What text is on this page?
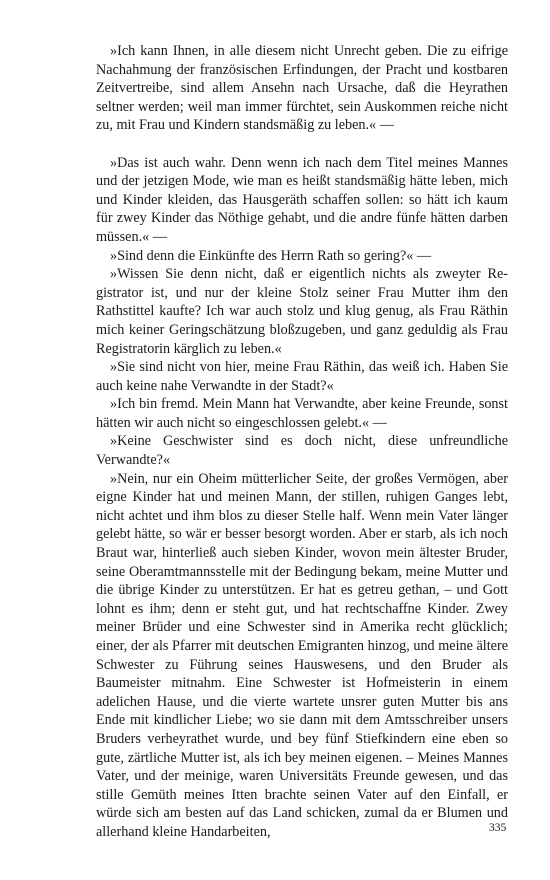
»Ich kann Ihnen, in alle diesem nicht Unrecht geben. Die zu eifrige Nachahmung der französischen Erfindungen, der Pracht und kostbaren Zeitvertreibe, sind allem Ansehn nach Ursache, daß die Heyrathen seltner werden; weil man immer fürchtet, sein Auskommen reiche nicht zu, mit Frau und Kindern standsmäßig zu leben.« ‒‒

»Das ist auch wahr. Denn wenn ich nach dem Titel meines Mannes und der jetzigen Mode, wie man es heißt standsmäßig hätte leben, mich und Kinder kleiden, das Hausgeräth schaffen sollen: so hätt ich kaum für zwey Kinder das Nöthige gehabt, und die andre fünfe hätten darben müssen.« ‒‒

»Sind denn die Einkünfte des Herrn Rath so gering?« ‒‒

»Wissen Sie denn nicht, daß er eigentlich nichts als zweyter Registrator ist, und nur der kleine Stolz seiner Frau Mutter ihm den Rathstittel kaufte? Ich war auch stolz und klug genug, als Frau Räthin mich keiner Geringschätzung bloßzugeben, und ganz geduldig als Frau Registratorin kärglich zu leben.«

»Sie sind nicht von hier, meine Frau Räthin, das weiß ich. Haben Sie auch keine nahe Verwandte in der Stadt?«

»Ich bin fremd. Mein Mann hat Verwandte, aber keine Freunde, sonst hätten wir auch nicht so eingeschlossen gelebt.« ‒‒

»Keine Geschwister sind es doch nicht, diese unfreundliche Verwandte?«

»Nein, nur ein Oheim mütterlicher Seite, der großes Vermögen, aber eigne Kinder hat und meinen Mann, der stillen, ruhigen Ganges lebt, nicht achtet und ihm blos zu dieser Stelle half. Wenn mein Vater länger gelebt hätte, so wär er besser besorgt worden. Aber er starb, als ich noch Braut war, hinterließ auch sieben Kinder, wovon mein ältester Bruder, seine Oberamtmannsstelle mit der Bedingung bekam, meine Mutter und die übrige Kinder zu unterstützen. Er hat es getreu gethan, – und Gott lohnt es ihm; denn er steht gut, und hat rechtschaffne Kinder. Zwey meiner Brüder und eine Schwester sind in Amerika recht glücklich; einer, der als Pfarrer mit deutschen Emigranten hinzog, und meine ältere Schwester zu Führung seines Hauswesens, und den Bruder als Baumeister mitnahm. Eine Schwester ist Hofmeisterin in einem adelichen Hause, und die vierte wartete unsrer guten Mutter bis ans Ende mit kindlicher Liebe; wo sie dann mit dem Amtsschreiber unsers Bruders verheyrathet wurde, und bey fünf Stiefkindern eine eben so gute, zärtliche Mutter ist, als ich bey meinen eigenen. – Meines Mannes Vater, und der meinige, waren Universitäts Freunde gewesen, und das stille Gemüth meines Itten brachte seinen Vater auf den Einfall, er würde sich am besten auf das Land schicken, zumal da er Blumen und allerhand kleine Handarbeiten,	335
